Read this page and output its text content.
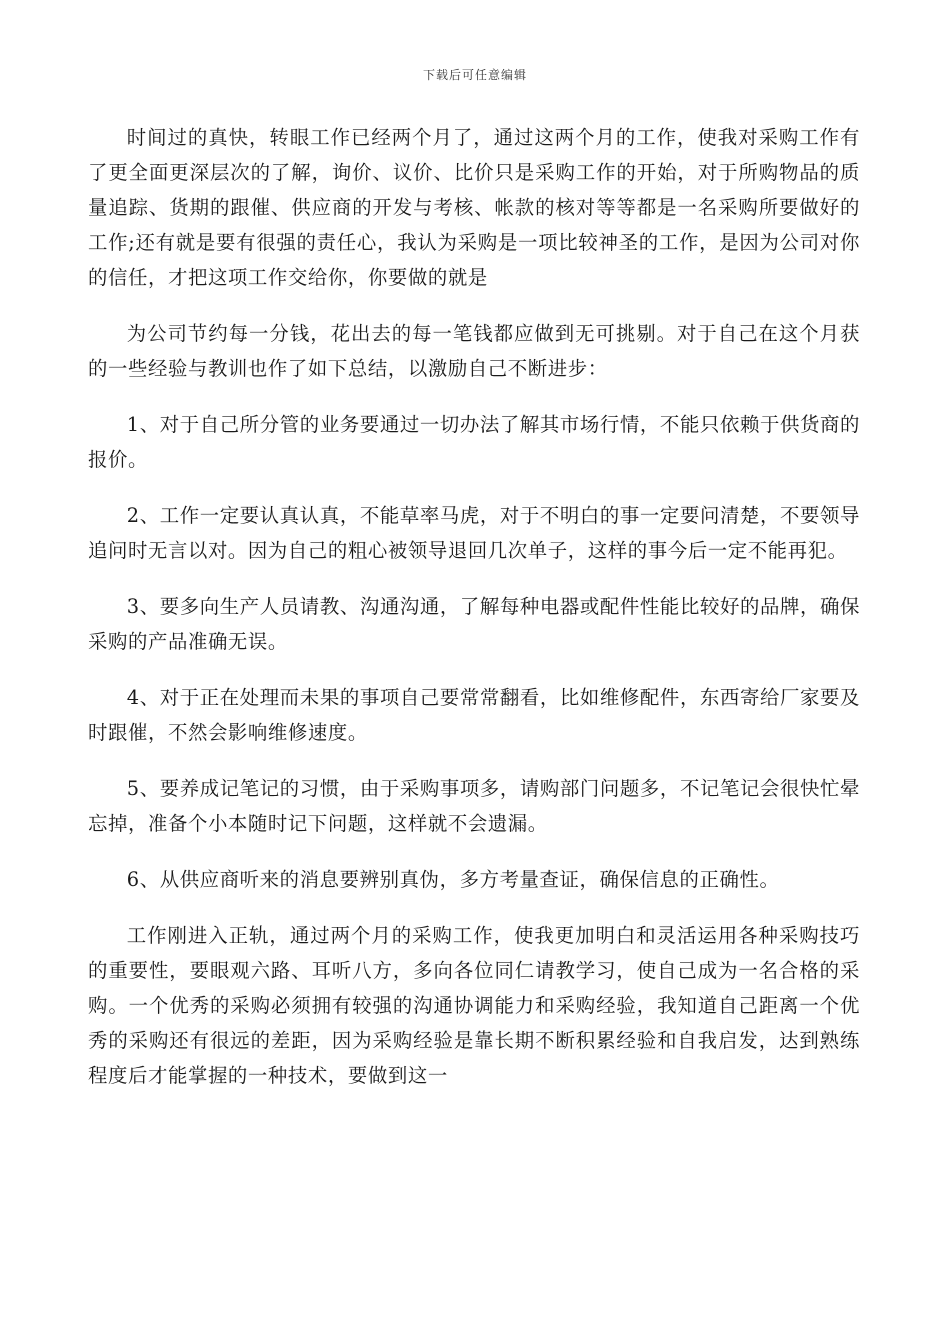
下载后可任意编辑

时间过的真快，转眼工作已经两个月了，通过这两个月的工作，使我对采购工作有了更全面更深层次的了解，询价、议价、比价只是采购工作的开始，对于所购物品的质量追踪、货期的跟催、供应商的开发与考核、帐款的核对等等都是一名采购所要做好的工作;还有就是要有很强的责任心，我认为采购是一项比较神圣的工作，是因为公司对你的信任，才把这项工作交给你，你要做的就是

为公司节约每一分钱，花出去的每一笔钱都应做到无可挑剔。对于自己在这个月获的一些经验与教训也作了如下总结，以激励自己不断进步：

1、对于自己所分管的业务要通过一切办法了解其市场行情，不能只依赖于供货商的报价。

2、工作一定要认真认真，不能草率马虎，对于不明白的事一定要问清楚，不要领导追问时无言以对。因为自己的粗心被领导退回几次单子，这样的事今后一定不能再犯。

3、要多向生产人员请教、沟通沟通，了解每种电器或配件性能比较好的品牌，确保采购的产品准确无误。

4、对于正在处理而未果的事项自己要常常翻看，比如维修配件，东西寄给厂家要及时跟催，不然会影响维修速度。

5、要养成记笔记的习惯，由于采购事项多，请购部门问题多，不记笔记会很快忙晕忘掉，准备个小本随时记下问题，这样就不会遗漏。

6、从供应商听来的消息要辨别真伪，多方考量查证，确保信息的正确性。

工作刚进入正轨，通过两个月的采购工作，使我更加明白和灵活运用各种采购技巧的重要性，要眼观六路、耳听八方，多向各位同仁请教学习，使自己成为一名合格的采购。一个优秀的采购必须拥有较强的沟通协调能力和采购经验，我知道自己距离一个优秀的采购还有很远的差距，因为采购经验是靠长期不断积累经验和自我启发，达到熟练程度后才能掌握的一种技术，要做到这一
